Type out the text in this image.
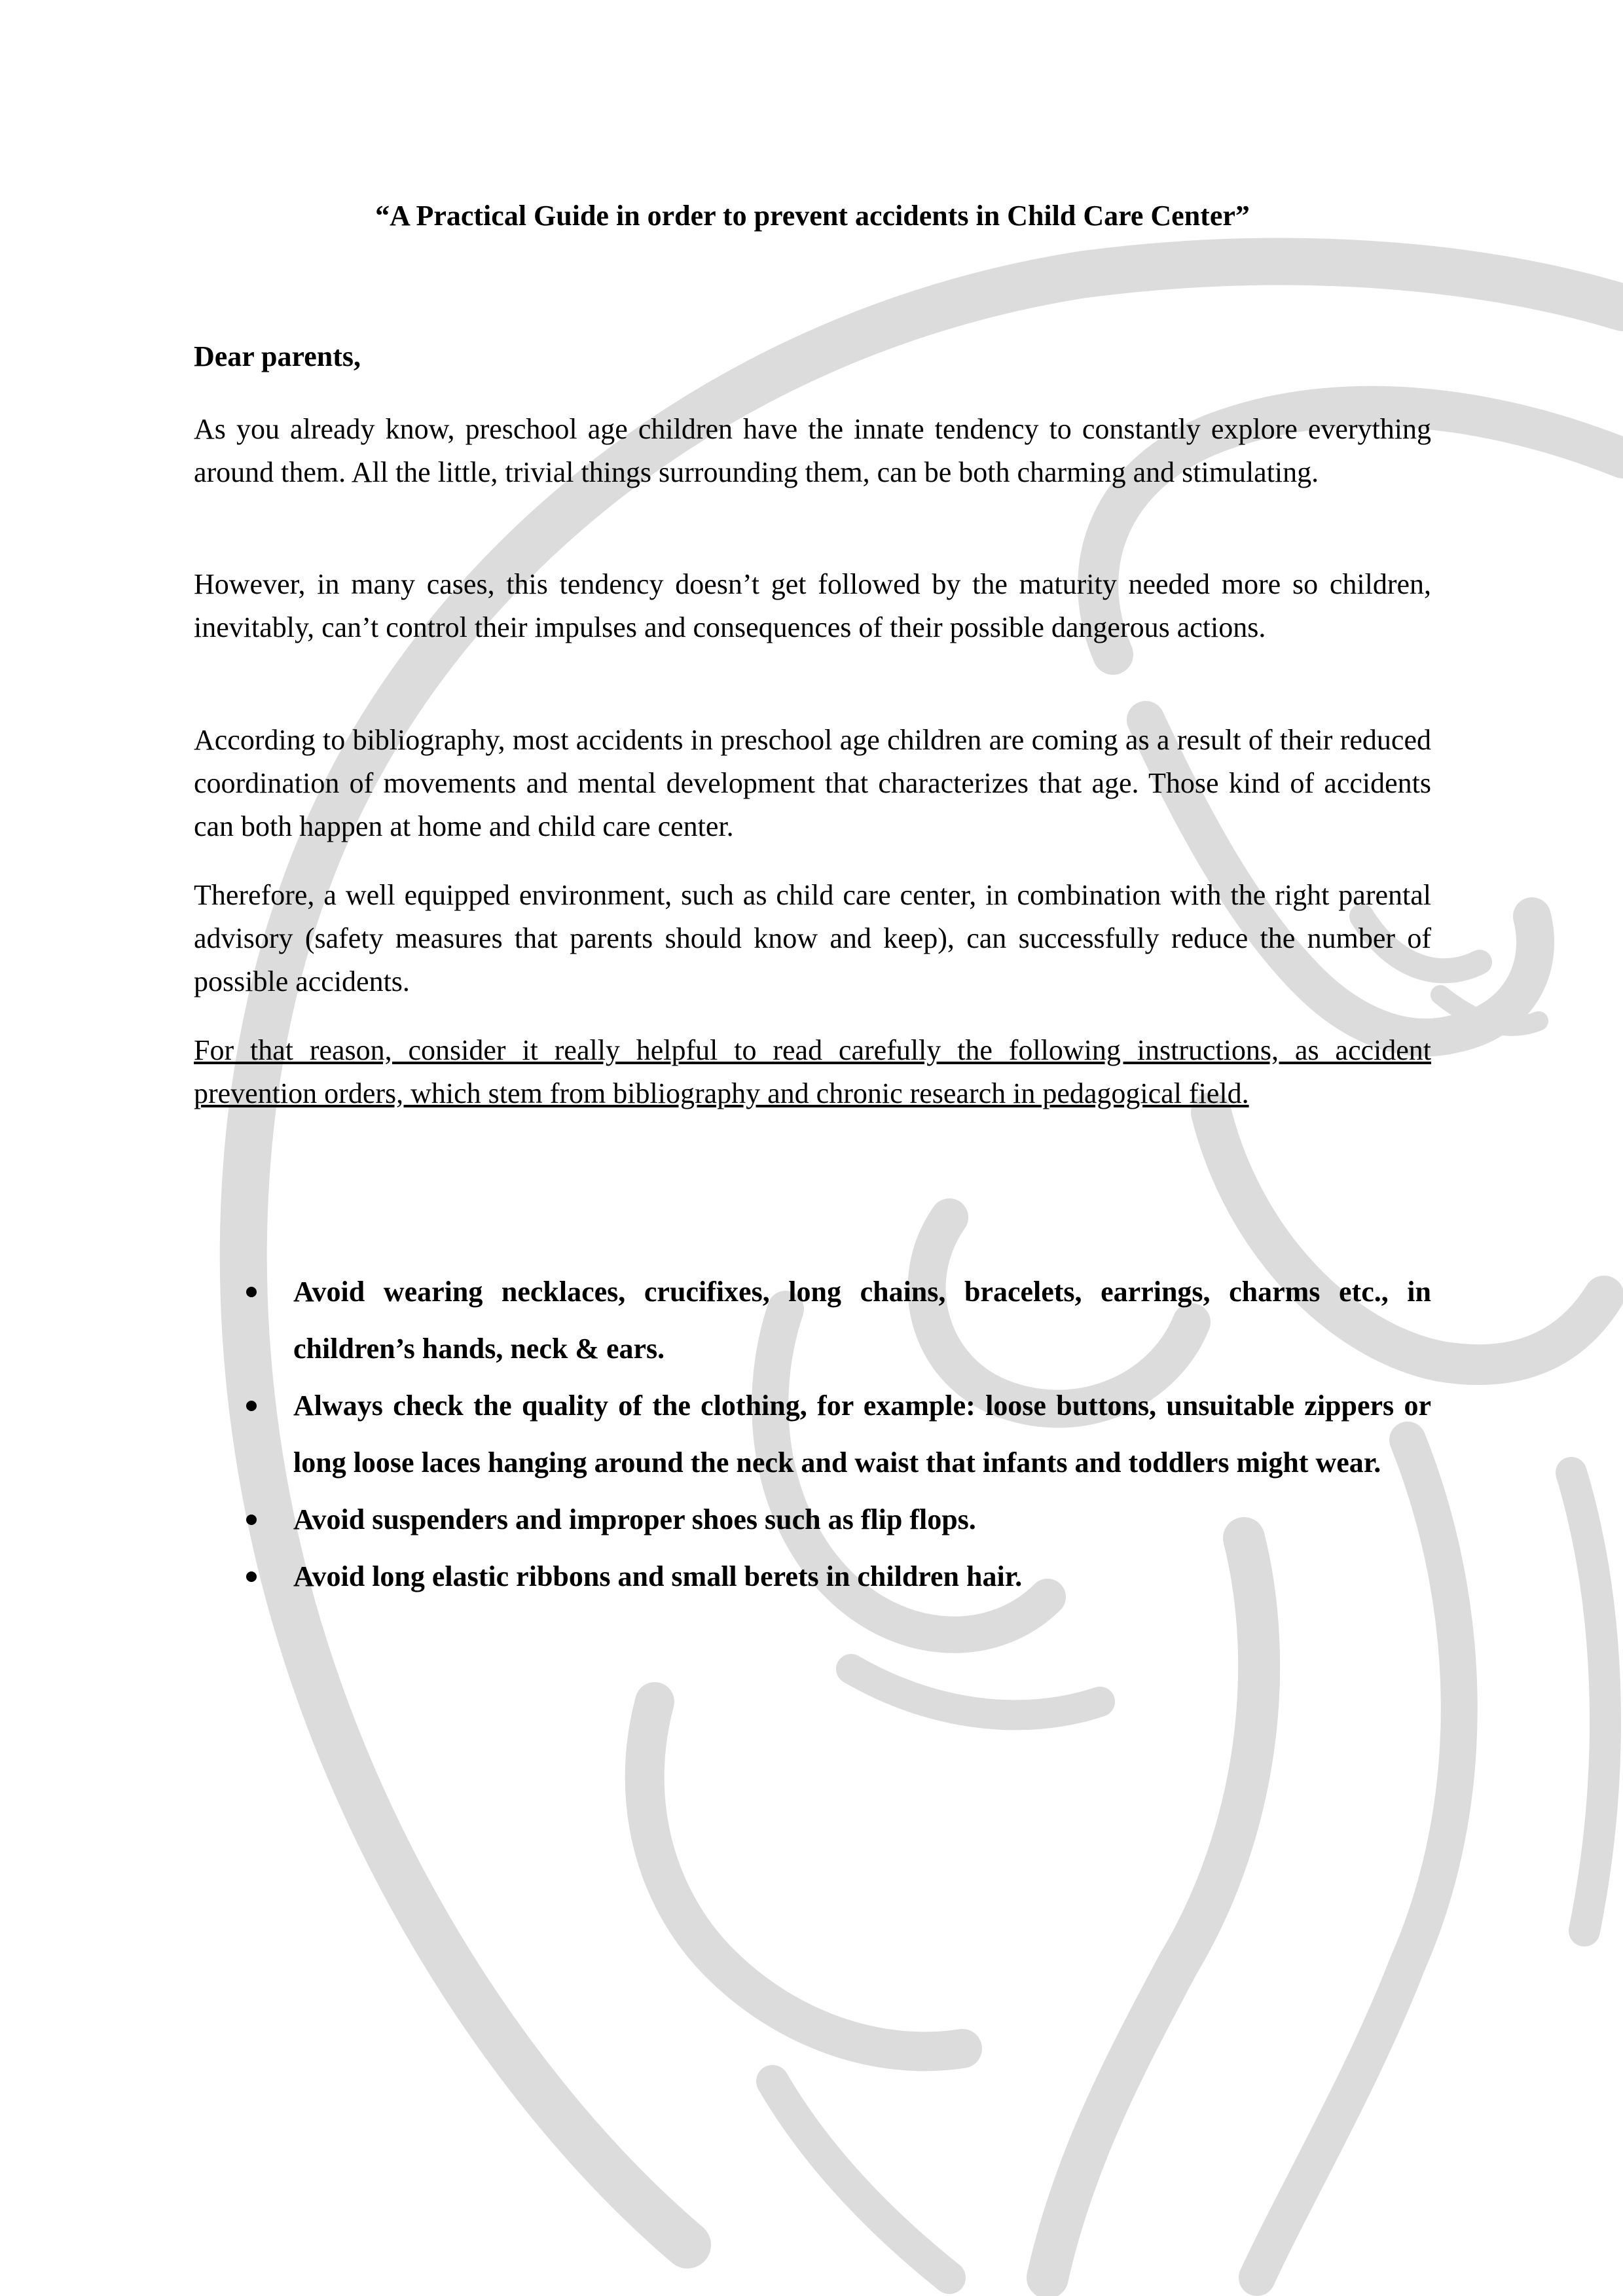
“A Practical Guide in order to prevent accidents in Child Care Center”

Dear parents,

As you already know, preschool age children have the innate tendency to constantly explore everything around them. All the little, trivial things surrounding them, can be both charming and stimulating.

However, in many cases, this tendency doesn’t get followed by the maturity needed more so children, inevitably, can’t control their impulses and consequences of their possible dangerous actions.

According to bibliography, most accidents in preschool age children are coming as a result of their reduced coordination of movements and mental development that characterizes that age. Those kind of accidents can both happen at home and child care center.

Therefore, a well equipped environment, such as child care center, in combination with the right parental advisory (safety measures that parents should know and keep), can successfully reduce the number of possible accidents.

For that reason, consider it really helpful to read carefully the following instructions, as accident prevention orders, which stem from bibliography and chronic research in pedagogical field.

Avoid wearing necklaces, crucifixes, long chains, bracelets, earrings, charms etc., in children’s hands, neck & ears.
Always check the quality of the clothing, for example: loose buttons, unsuitable zippers or long loose laces hanging around the neck and waist that infants and toddlers might wear.
Avoid suspenders and improper shoes such as flip flops.
Avoid long elastic ribbons and small berets in children hair.
